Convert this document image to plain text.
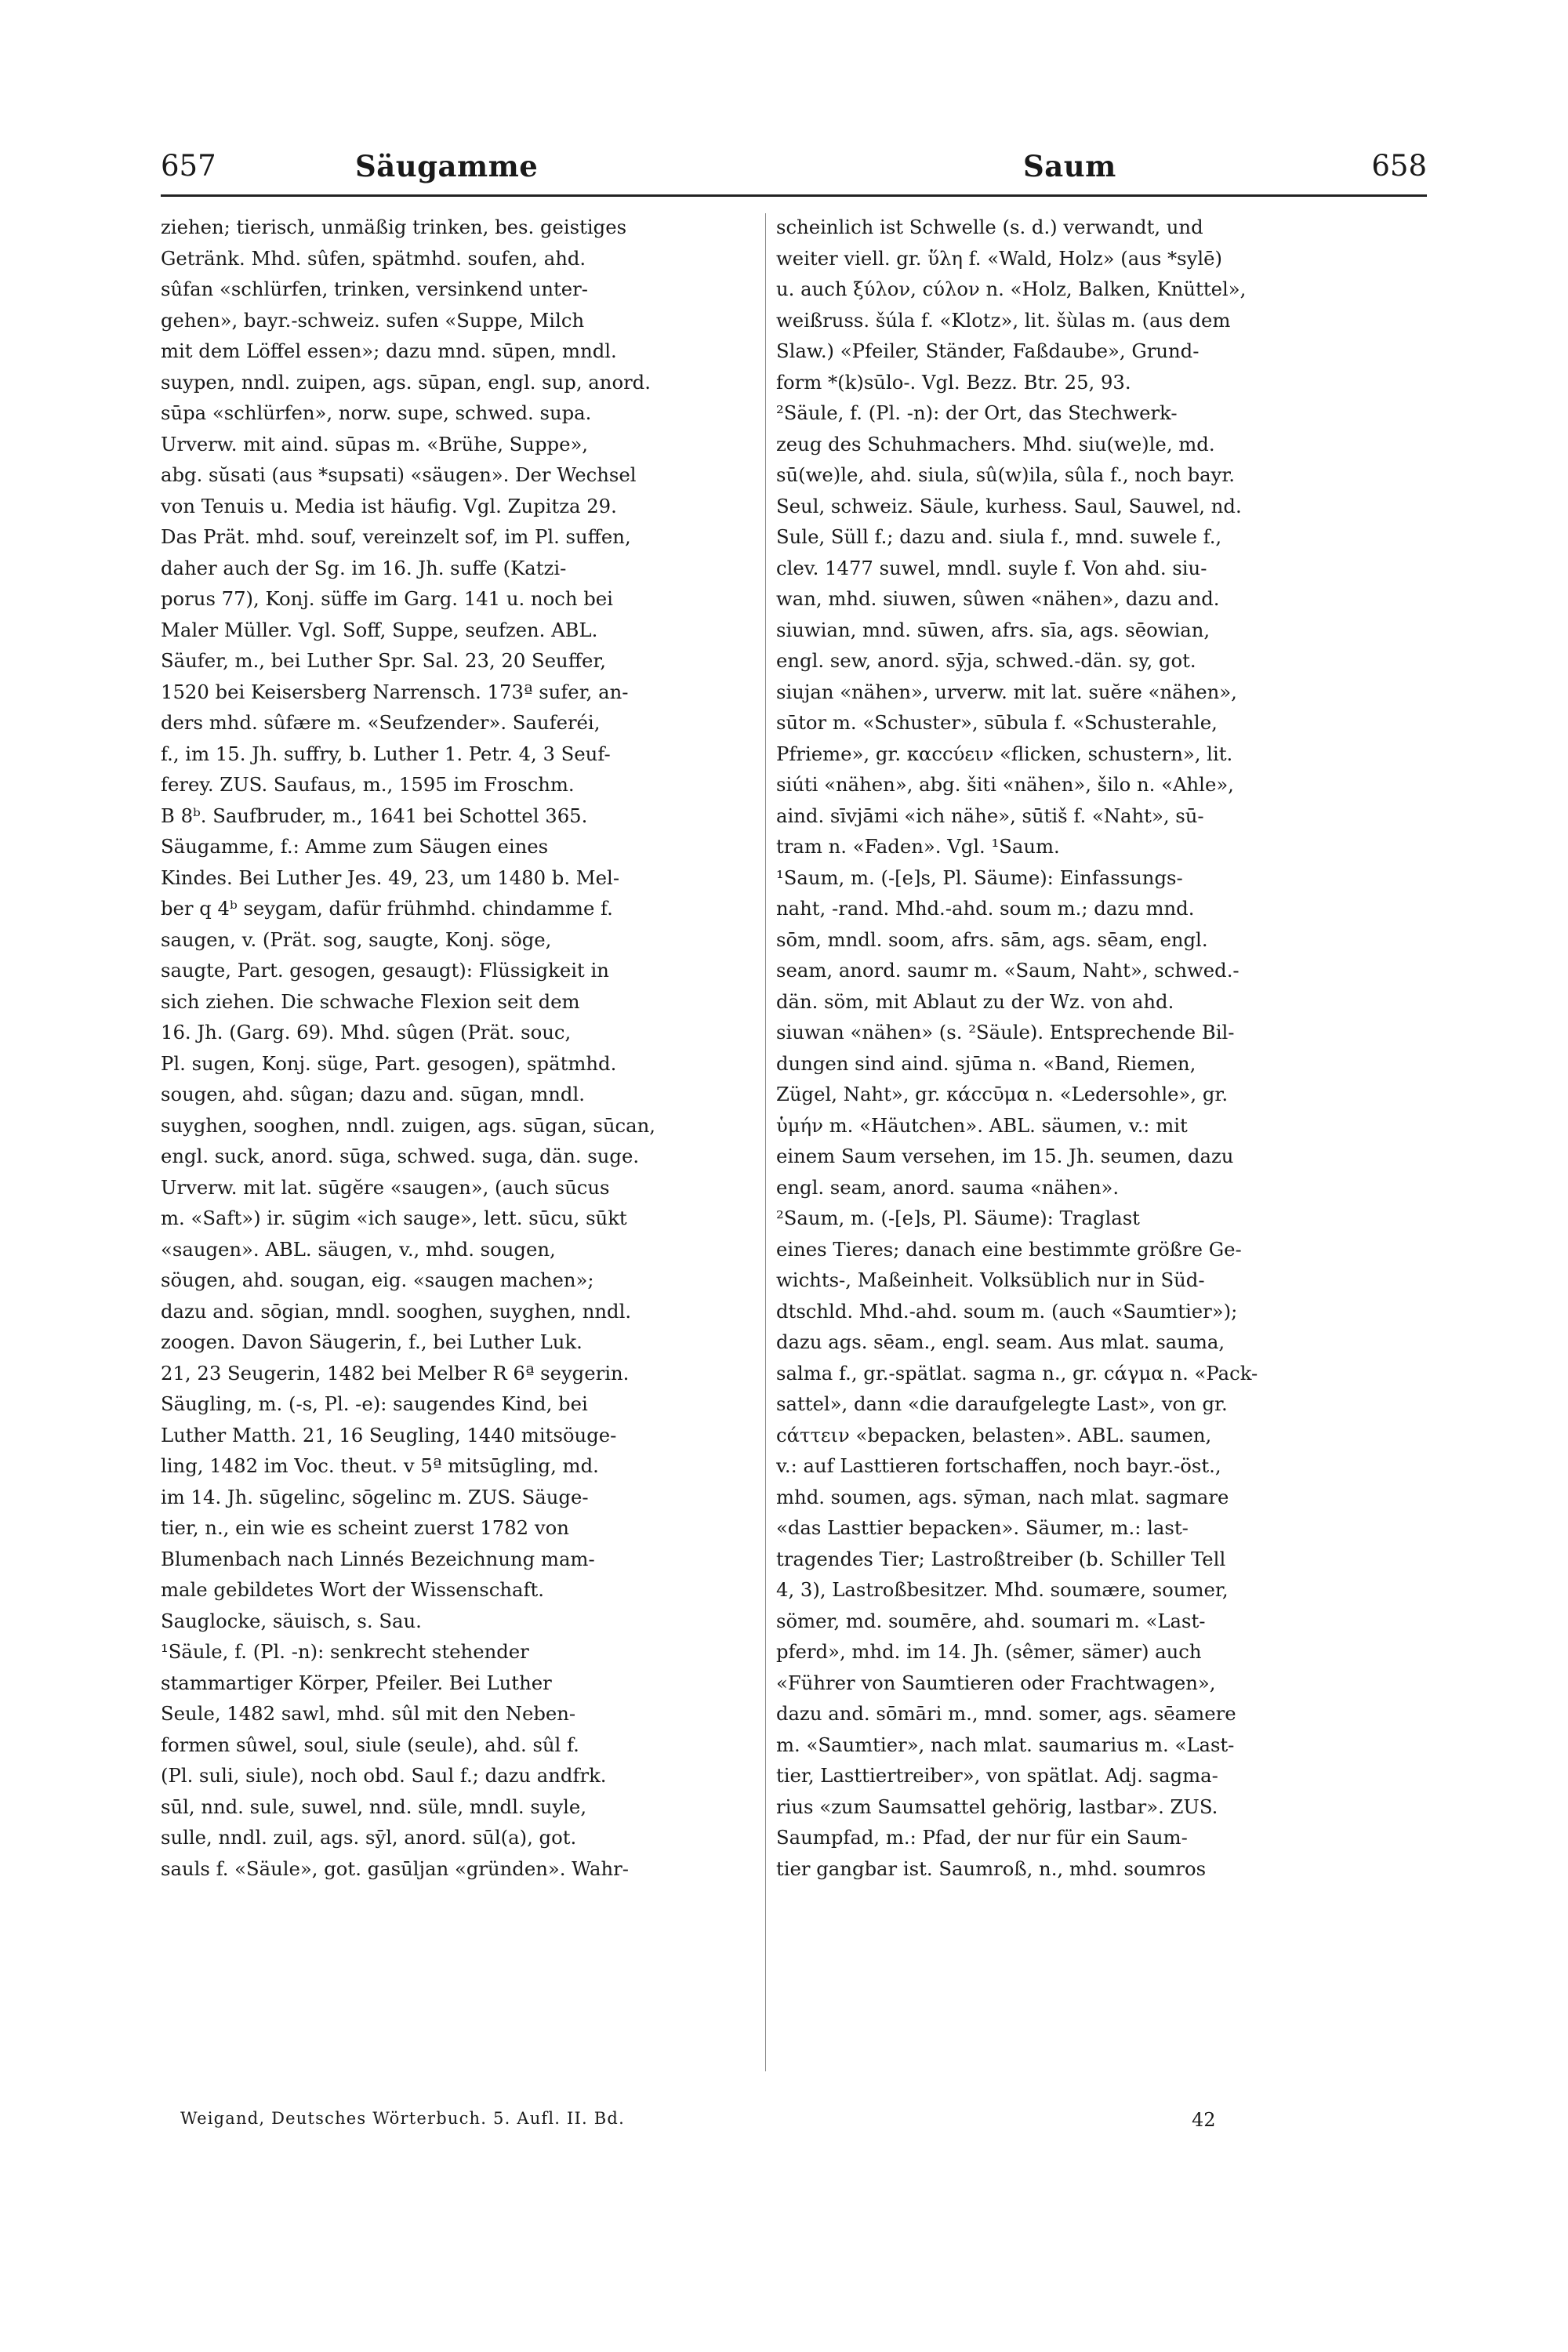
657	Säugamme	Saum	658

ziehen; tierisch, unmäßig trinken, bes. geistiges
Getränk. Mhd. sûfen, spätmhd. soufen, ahd.
sûfan «schlürfen, trinken, versinkend unter-
gehen», bayr.-schweiz. sufen «Suppe, Milch
mit dem Löffel essen»; dazu mnd. sūpen, mndl.
suypen, nndl. zuipen, ags. sūpan, engl. sup, anord.
sūpa «schlürfen», norw. supe, schwed. supa.
Urverw. mit aind. sūpas m. «Brühe, Suppe»,
abg. sŭsati (aus *supsati) «säugen». Der Wechsel
von Tenuis u. Media ist häufig. Vgl. Zupitza 29.
Das Prät. mhd. souf, vereinzelt sof, im Pl. suffen,
daher auch der Sg. im 16. Jh. suffe (Katzi-
porus 77), Konj. süffe im Garg. 141 u. noch bei
Maler Müller. Vgl. Soff, Suppe, seufzen. ABL.
Säufer, m., bei Luther Spr. Sal. 23, 20 Seuffer,
1520 bei Keisersberg Narrensch. 173ª sufer, an-
ders mhd. sûfære m. «Seufzender». Sauferéi,
f., im 15. Jh. suffry, b. Luther 1. Petr. 4, 3 Seuf-
ferey. ZUS. Saufaus, m., 1595 im Froschm.
B 8ᵇ. Saufbruder, m., 1641 bei Schottel 365.
Säugamme, f.: Amme zum Säugen eines
Kindes. Bei Luther Jes. 49, 23, um 1480 b. Mel-
ber q 4ᵇ seygam, dafür frühmhd. chindamme f.
saugen, v. (Prät. sog, saugte, Konj. söge,
saugte, Part. gesogen, gesaugt): Flüssigkeit in
sich ziehen. Die schwache Flexion seit dem
16. Jh. (Garg. 69). Mhd. sûgen (Prät. souc,
Pl. sugen, Konj. süge, Part. gesogen), spätmhd.
sougen, ahd. sûgan; dazu and. sūgan, mndl.
suyghen, sooghen, nndl. zuigen, ags. sūgan, sūcan,
engl. suck, anord. sūga, schwed. suga, dän. suge.
Urverw. mit lat. sūgĕre «saugen», (auch sūcus
m. «Saft») ir. sūgim «ich sauge», lett. sūcu, sūkt
«saugen». ABL. säugen, v., mhd. sougen,
söugen, ahd. sougan, eig. «saugen machen»;
dazu and. sōgian, mndl. sooghen, suyghen, nndl.
zoogen. Davon Säugerin, f., bei Luther Luk.
21, 23 Seugerin, 1482 bei Melber R 6ª seygerin.
Säugling, m. (-s, Pl. -e): saugendes Kind, bei
Luther Matth. 21, 16 Seugling, 1440 mitsöuge-
ling, 1482 im Voc. theut. v 5ª mitsūgling, md.
im 14. Jh. sūgelinc, sōgelinc m. ZUS. Säuge-
tier, n., ein wie es scheint zuerst 1782 von
Blumenbach nach Linnés Bezeichnung mam-
male gebildetes Wort der Wissenschaft.
Sauglocke, säuisch, s. Sau.
¹Säule, f. (Pl. -n): senkrecht stehender
stammartiger Körper, Pfeiler. Bei Luther
Seule, 1482 sawl, mhd. sûl mit den Neben-
formen sûwel, soul, siule (seule), ahd. sûl f.
(Pl. suli, siule), noch obd. Saul f.; dazu andfrk.
sūl, nnd. sule, suwel, nnd. süle, mndl. suyle,
sulle, nndl. zuil, ags. sȳl, anord. sūl(a), got.
sauls f. «Säule», got. gasūljan «gründen». Wahr-

scheinlich ist Schwelle (s. d.) verwandt, und
weiter viell. gr. ὕλη f. «Wald, Holz» (aus *sylē)
u. auch ξύλον, cύλον n. «Holz, Balken, Knüttel»,
weißruss. šúla f. «Klotz», lit. šùlas m. (aus dem
Slaw.) «Pfeiler, Ständer, Faßdaube», Grund-
form *(k)sūlo-. Vgl. Bezz. Btr. 25, 93.
²Säule, f. (Pl. -n): der Ort, das Stechwerk-
zeug des Schuhmachers. Mhd. siu(we)le, md.
sū(we)le, ahd. siula, sû(w)ila, sûla f., noch bayr.
Seul, schweiz. Säule, kurhess. Saul, Sauwel, nd.
Sule, Süll f.; dazu and. siula f., mnd. suwele f.,
clev. 1477 suwel, mndl. suyle f. Von ahd. siu-
wan, mhd. siuwen, sûwen «nähen», dazu and.
siuwian, mnd. sūwen, afrs. sīa, ags. sēowian,
engl. sew, anord. sȳja, schwed.-dän. sy, got.
siujan «nähen», urverw. mit lat. suĕre «nähen»,
sūtor m. «Schuster», sūbula f. «Schusterahle,
Pfrieme», gr. καccύειν «flicken, schustern», lit.
siúti «nähen», abg. šiti «nähen», šilo n. «Ahle»,
aind. sīvjāmi «ich nähe», sūtiš f. «Naht», sū-
tram n. «Faden». Vgl. ¹Saum.
¹Saum, m. (-[e]s, Pl. Säume): Einfassungs-
naht, -rand. Mhd.-ahd. soum m.; dazu mnd.
sōm, mndl. soom, afrs. sām, ags. sēam, engl.
seam, anord. saumr m. «Saum, Naht», schwed.-
dän. söm, mit Ablaut zu der Wz. von ahd.
siuwan «nähen» (s. ²Säule). Entsprechende Bil-
dungen sind aind. sjūma n. «Band, Riemen,
Zügel, Naht», gr. κάccῡμα n. «Ledersohle», gr.
ὑμήν m. «Häutchen». ABL. säumen, v.: mit
einem Saum versehen, im 15. Jh. seumen, dazu
engl. seam, anord. sauma «nähen».
²Saum, m. (-[e]s, Pl. Säume): Traglast
eines Tieres; danach eine bestimmte größre Ge-
wichts-, Maßeinheit. Volksüblich nur in Süd-
dtschld. Mhd.-ahd. soum m. (auch «Saumtier»);
dazu ags. sēam., engl. seam. Aus mlat. sauma,
salma f., gr.-spätlat. sagma n., gr. cάγμα n. «Pack-
sattel», dann «die daraufgelegte Last», von gr.
cάττειν «bepacken, belasten». ABL. saumen,
v.: auf Lasttieren fortschaffen, noch bayr.-öst.,
mhd. soumen, ags. sȳman, nach mlat. sagmare
«das Lasttier bepacken». Säumer, m.: last-
tragendes Tier; Lastroßtreiber (b. Schiller Tell
4, 3), Lastroßbesitzer. Mhd. soumære, soumer,
sömer, md. soumēre, ahd. soumari m. «Last-
pferd», mhd. im 14. Jh. (sêmer, sämer) auch
«Führer von Saumtieren oder Frachtwagen»,
dazu and. sōmāri m., mnd. somer, ags. sēamere
m. «Saumtier», nach mlat. saumarius m. «Last-
tier, Lasttiertreiber», von spätlat. Adj. sagma-
rius «zum Saumsattel gehörig, lastbar». ZUS.
Saumpfad, m.: Pfad, der nur für ein Saum-
tier gangbar ist. Saumroß, n., mhd. soumros

Weigand, Deutsches Wörterbuch. 5. Aufl. II. Bd.	42
